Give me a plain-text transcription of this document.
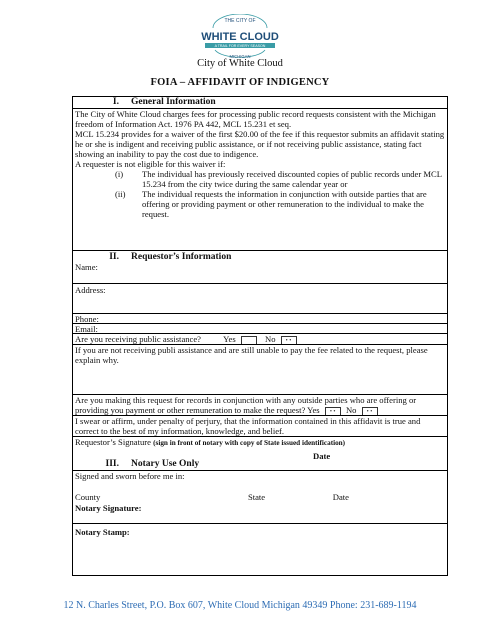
THE CITY OF
WHITE CLOUD
A TRAIL FOR EVERY SEASON
MICHIGAN
City of White Cloud
FOIA – AFFIDAVIT OF INDIGENCY
I.	General Information
The City of White Cloud charges fees for processing public record requests consistent with the Michigan freedom of Information Act. 1976 PA 442, MCL 15.231 et seq.
MCL 15.234 provides for a waiver of the first $20.00 of the fee if this requestor submits an affidavit stating he or she is indigent and receiving public assistance, or if not receiving public assistance, stating fact showing an inability to pay the cost due to indigence.
A requester is not eligible for this waiver if:
(i)	The individual has previously received discounted copies of public records under MCL 15.234 from the city twice during the same calendar year or
(ii)	The individual requests the information in conjunction with outside parties that are offering or providing payment or other remuneration to the individual to make the request.
II.	Requestor’s Information
Name:
Address:
Phone:
Email:
Are you receiving public assistance?	Yes	No • •
If you are not receiving publi assistance and are still unable to pay the fee related to the request, please explain why.
Are you making this request for records in conjunction with any outside parties who are offering or providing you payment or other remuneration to make the request? Yes • • No • •
I swear or affirm, under penalty of perjury, that the information contained in this affidavit is true and correct to the best of my information, knowledge, and belief.
Requestor’s Signature (sign in front of notary with copy of State issued identification)
Date
III.	Notary Use Only
Signed and sworn before me in:
County	State	Date
Notary Signature:
Notary Stamp:
12 N. Charles Street, P.O. Box 607, White Cloud Michigan 49349 Phone: 231-689-1194
